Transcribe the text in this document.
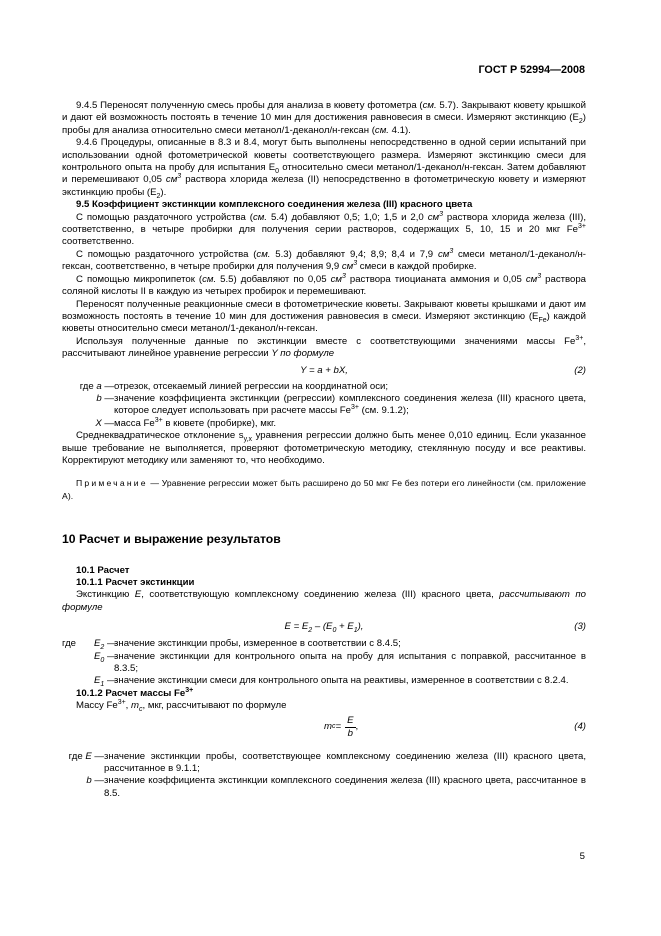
ГОСТ Р 52994—2008

9.4.5 Переносят полученную смесь пробы для анализа в кювету фотометра (см. 5.7). Закрывают кювету крышкой и дают ей возможность постоять в течение 10 мин для достижения равновесия в смеси. Измеряют экстинкцию $(E_2)$ пробы для анализа относительно смеси метанол/1-деканол/н-гексан (см. 4.1).

9.4.6 Процедуры, описанные в 8.3 и 8.4, могут быть выполнены непосредственно в одной серии испытаний при использовании одной фотометрической кюветы соответствующего размера. Измеряют экстинкцию смеси для контрольного опыта на пробу для испытания $E_0$ относительно смеси метанол/1-деканол/н-гексан. Затем добавляют и перемешивают 0,05 $см^3$ раствора хлорида железа (II) непосредственно в фотометрическую кювету и измеряют экстинкцию пробы $(E_2)$.

9.5 Коэффициент экстинкции комплексного соединения железа (III) красного цвета

С помощью раздаточного устройства (см. 5.4) добавляют 0,5; 1,0; 1,5 и 2,0 $см^3$ раствора хлорида железа (III), соответственно, в четыре пробирки для получения серии растворов, содержащих 5, 10, 15 и 20 мкг $Fe^{3+}$ соответственно.

С помощью раздаточного устройства (см. 5.3) добавляют 9,4; 8,9; 8,4 и 7,9 $см^3$ смеси метанол/1-деканол/н-гексан, соответственно, в четыре пробирки для получения 9,9 $см^3$ смеси в каждой пробирке.

С помощью микропипеток (см. 5.5) добавляют по 0,05 $см^3$ раствора тиоцианата аммония и 0,05 $см^3$ раствора соляной кислоты II в каждую из четырех пробирок и перемешивают.

Переносят полученные реакционные смеси в фотометрические кюветы. Закрывают кюветы крышками и дают им возможность постоять в течение 10 мин для достижения равновесия в смеси. Измеряют экстинкцию $(E_{Fe})$ каждой кюветы относительно смеси метанол/1-деканол/н-гексан.

Используя полученные данные по экстинкции вместе с соответствующими значениями массы $Fe^{3+}$, рассчитывают линейное уравнение регрессии Y по формуле

Y = a + bX,	(2)
где a — отрезок, отсекаемый линией регрессии на координатной оси;
b — значение коэффициента экстинкции (регрессии) комплексного соединения железа (III) красного цвета, которое следует использовать при расчете массы $Fe^{3+}$ (см. 9.1.2);
X — масса $Fe^{3+}$ в кювете (пробирке), мкг.

Среднеквадратическое отклонение $s_{y,x}$ уравнения регрессии должно быть менее 0,010 единиц. Если указанное выше требование не выполняется, проверяют фотометрическую методику, стеклянную посуду и все реактивы. Корректируют методику или заменяют то, что необходимо.

Примечание — Уравнение регрессии может быть расширено до 50 мкг Fe без потери его линейности (см. приложение А).

10 Расчет и выражение результатов

10.1 Расчет

10.1.1 Расчет экстинкции

Экстинкцию E, соответствующую комплексному соединению железа (III) красного цвета, рассчитывают по формуле

$E = E_2 - (E_0 + E_1)$,	(3)
где	$E_2$ —
значение экстинкции пробы, измеренное в соответствии с 8.4.5;
$E_0$ —
значение экстинкции для контрольного опыта на пробу для испытания с поправкой, рассчитанное в 8.3.5;
$E_1$ —
значение экстинкции смеси для контрольного опыта на реактивы, измеренное в соответствии с 8.2.4.

10.1.2 Расчет массы $Fe^{3+}$

Массу $Fe^{3+}$, $m_c$, мкг, рассчитывают по формуле

m $c = \frac{E}{b}$ ,	(4)
где E — значение экстинкции пробы, соответствующее комплексному соединению железа (III) красного цвета, рассчитанное в 9.1.1;
b — значение коэффициента экстинкции комплексного соединения железа (III) красного цвета, рассчитанное в 8.5.
5
